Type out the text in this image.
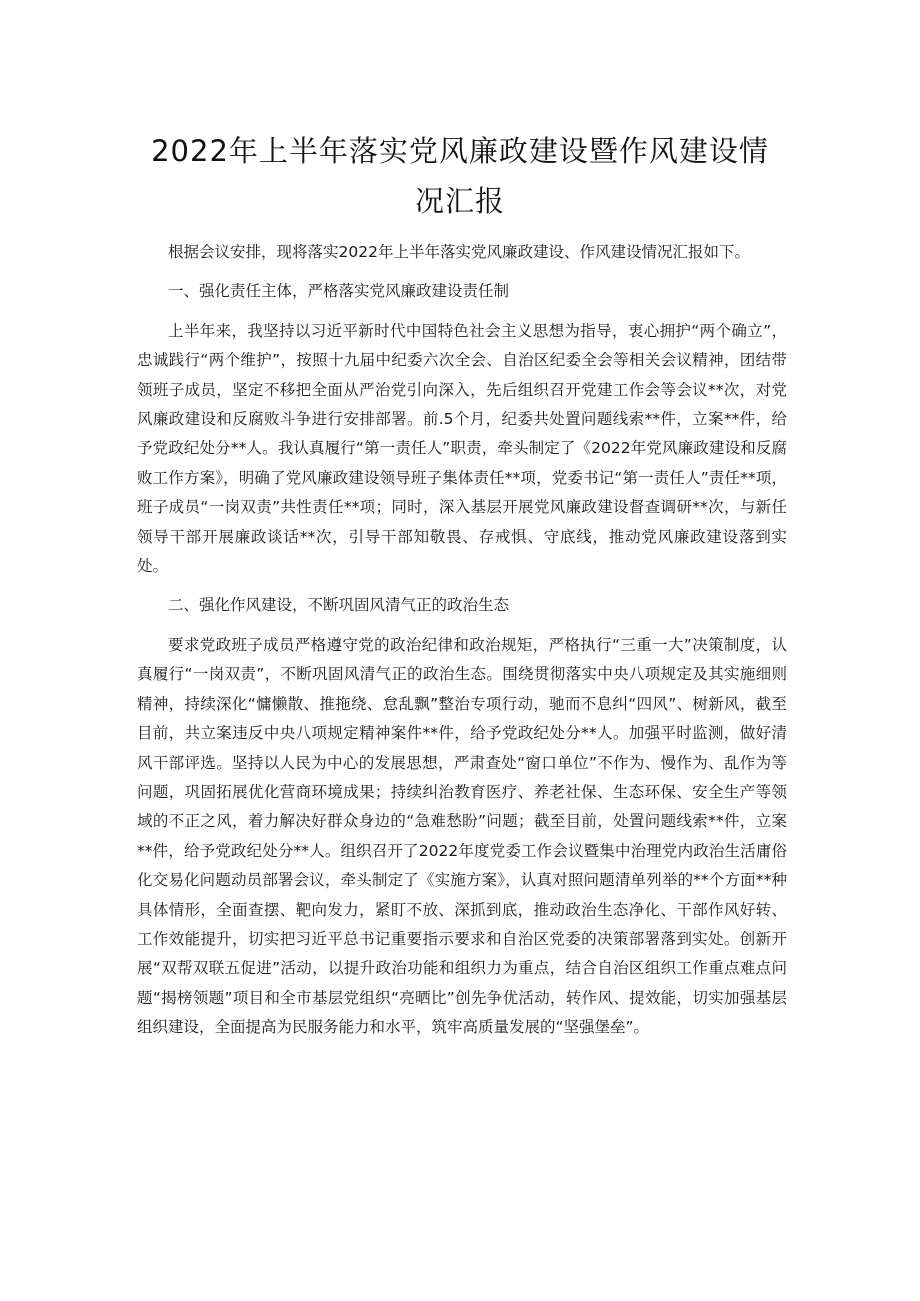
2022年上半年落实党风廉政建设暨作风建设情况汇报

根据会议安排，现将落实2022年上半年落实党风廉政建设、作风建设情况汇报如下。

一、强化责任主体，严格落实党风廉政建设责任制

上半年来，我坚持以习近平新时代中国特色社会主义思想为指导，衷心拥护“两个确立”，忠诚践行“两个维护”，按照十九届中纪委六次全会、自治区纪委全会等相关会议精神，团结带领班子成员，坚定不移把全面从严治党引向深入，先后组织召开党建工作会等会议**次，对党风廉政建设和反腐败斗争进行安排部署。前.5个月，纪委共处置问题线索**件，立案**件，给予党政纪处分**人。我认真履行“第一责任人”职责，牵头制定了《2022年党风廉政建设和反腐败工作方案》，明确了党风廉政建设领导班子集体责任**项，党委书记“第一责任人”责任**项，班子成员“一岗双责”共性责任**项；同时，深入基层开展党风廉政建设督查调研**次，与新任领导干部开展廉政谈话**次，引导干部知敬畏、存戒惧、守底线，推动党风廉政建设落到实处。

二、强化作风建设，不断巩固风清气正的政治生态

要求党政班子成员严格遵守党的政治纪律和政治规矩，严格执行“三重一大”决策制度，认真履行“一岗双责”，不断巩固风清气正的政治生态。围绕贯彻落实中央八项规定及其实施细则精神，持续深化“慵懒散、推拖绕、怠乱飘”整治专项行动，驰而不息纠“四风”、树新风，截至目前，共立案违反中央八项规定精神案件**件，给予党政纪处分**人。加强平时监测，做好清风干部评选。坚持以人民为中心的发展思想，严肃查处“窗口单位”不作为、慢作为、乱作为等问题，巩固拓展优化营商环境成果；持续纠治教育医疗、养老社保、生态环保、安全生产等领域的不正之风，着力解决好群众身边的“急难愁盼”问题；截至目前，处置问题线索**件，立案**件，给予党政纪处分**人。组织召开了2022年度党委工作会议暨集中治理党内政治生活庸俗化交易化问题动员部署会议，牵头制定了《实施方案》，认真对照问题清单列举的**个方面**种具体情形，全面查摆、靶向发力，紧盯不放、深抓到底，推动政治生态净化、干部作风好转、工作效能提升，切实把习近平总书记重要指示要求和自治区党委的决策部署落到实处。创新开展“双帮双联五促进”活动，以提升政治功能和组织力为重点，结合自治区组织工作重点难点问题“揭榜领题”项目和全市基层党组织“亮晒比”创先争优活动，转作风、提效能，切实加强基层组织建设，全面提高为民服务能力和水平，筑牢高质量发展的“坚强堡垒”。
